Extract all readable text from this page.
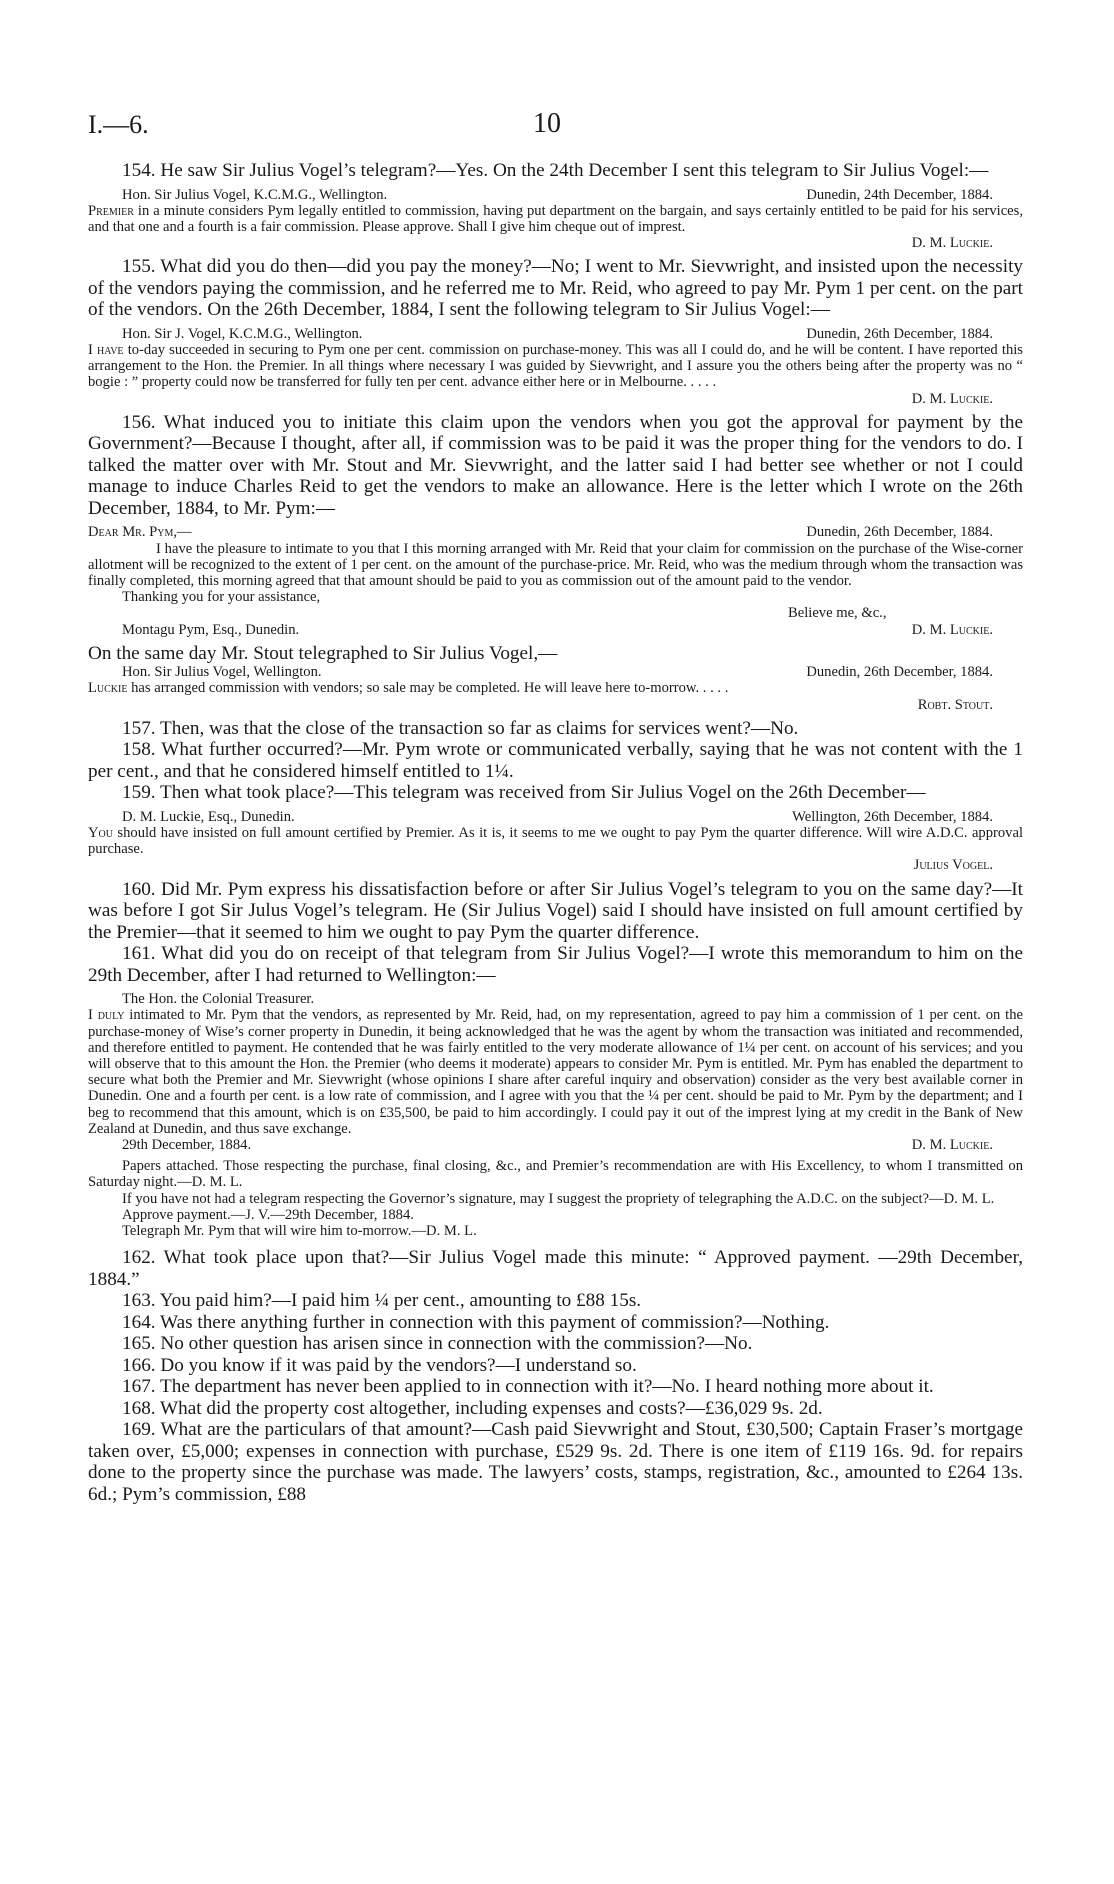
I.—6.	10

154. He saw Sir Julius Vogel’s telegram?—Yes. On the 24th December I sent this telegram to Sir Julius Vogel:—

Hon. Sir Julius Vogel, K.C.M.G., Wellington.	Dunedin, 24th December, 1884.

Premier in a minute considers Pym legally entitled to commission, having put department on the bargain, and says certainly entitled to be paid for his services, and that one and a fourth is a fair commission. Please approve. Shall I give him cheque out of imprest.

D. M. Luckie.

155. What did you do then—did you pay the money?—No; I went to Mr. Sievwright, and insisted upon the necessity of the vendors paying the commission, and he referred me to Mr. Reid, who agreed to pay Mr. Pym 1 per cent. on the part of the vendors. On the 26th December, 1884, I sent the following telegram to Sir Julius Vogel:—

Hon. Sir J. Vogel, K.C.M.G., Wellington.	Dunedin, 26th December, 1884.

I have to-day succeeded in securing to Pym one per cent. commission on purchase-money. This was all I could do, and he will be content. I have reported this arrangement to the Hon. the Premier. In all things where necessary I was guided by Sievwright, and I assure you the others being after the property was no “ bogie : ” property could now be transferred for fully ten per cent. advance either here or in Melbourne. . . . .

D. M. Luckie.

156. What induced you to initiate this claim upon the vendors when you got the approval for payment by the Government?—Because I thought, after all, if commission was to be paid it was the proper thing for the vendors to do. I talked the matter over with Mr. Stout and Mr. Sievwright, and the latter said I had better see whether or not I could manage to induce Charles Reid to get the vendors to make an allowance. Here is the letter which I wrote on the 26th December, 1884, to Mr. Pym:—

Dear Mr. Pym,—	Dunedin, 26th December, 1884.

I have the pleasure to intimate to you that I this morning arranged with Mr. Reid that your claim for commission on the purchase of the Wise-corner allotment will be recognized to the extent of 1 per cent. on the amount of the purchase-price. Mr. Reid, who was the medium through whom the transaction was finally completed, this morning agreed that that amount should be paid to you as commission out of the amount paid to the vendor.

Thanking you for your assistance,

Believe me, &c.,

Montagu Pym, Esq., Dunedin.	D. M. Luckie.

On the same day Mr. Stout telegraphed to Sir Julius Vogel,—

Hon. Sir Julius Vogel, Wellington.	Dunedin, 26th December, 1884.

Luckie has arranged commission with vendors; so sale may be completed. He will leave here to-morrow. . . . .

Robt. Stout.

157. Then, was that the close of the transaction so far as claims for services went?—No.

158. What further occurred?—Mr. Pym wrote or communicated verbally, saying that he was not content with the 1 per cent., and that he considered himself entitled to 1¼.

159. Then what took place?—This telegram was received from Sir Julius Vogel on the 26th December—

D. M. Luckie, Esq., Dunedin.	Wellington, 26th December, 1884.

You should have insisted on full amount certified by Premier. As it is, it seems to me we ought to pay Pym the quarter difference. Will wire A.D.C. approval purchase.

Julius Vogel.

160. Did Mr. Pym express his dissatisfaction before or after Sir Julius Vogel’s telegram to you on the same day?—It was before I got Sir Julus Vogel’s telegram. He (Sir Julius Vogel) said I should have insisted on full amount certified by the Premier—that it seemed to him we ought to pay Pym the quarter difference.

161. What did you do on receipt of that telegram from Sir Julius Vogel?—I wrote this memorandum to him on the 29th December, after I had returned to Wellington:—

The Hon. the Colonial Treasurer.

I duly intimated to Mr. Pym that the vendors, as represented by Mr. Reid, had, on my representation, agreed to pay him a commission of 1 per cent. on the purchase-money of Wise’s corner property in Dunedin, it being acknowledged that he was the agent by whom the transaction was initiated and recommended, and therefore entitled to payment. He contended that he was fairly entitled to the very moderate allowance of 1¼ per cent. on account of his services; and you will observe that to this amount the Hon. the Premier (who deems it moderate) appears to consider Mr. Pym is entitled. Mr. Pym has enabled the department to secure what both the Premier and Mr. Sievwright (whose opinions I share after careful inquiry and observation) consider as the very best available corner in Dunedin. One and a fourth per cent. is a low rate of commission, and I agree with you that the ¼ per cent. should be paid to Mr. Pym by the department; and I beg to recommend that this amount, which is on £35,500, be paid to him accordingly. I could pay it out of the imprest lying at my credit in the Bank of New Zealand at Dunedin, and thus save exchange.

29th December, 1884.	D. M. Luckie.

Papers attached. Those respecting the purchase, final closing, &c., and Premier’s recommendation are with His Excellency, to whom I transmitted on Saturday night.—D. M. L.

If you have not had a telegram respecting the Governor’s signature, may I suggest the propriety of telegraphing the A.D.C. on the subject?—D. M. L.

Approve payment.—J. V.—29th December, 1884.

Telegraph Mr. Pym that will wire him to-morrow.—D. M. L.

162. What took place upon that?—Sir Julius Vogel made this minute: “ Approved payment. —29th December, 1884.”

163. You paid him?—I paid him ¼ per cent., amounting to £88 15s.

164. Was there anything further in connection with this payment of commission?—Nothing.

165. No other question has arisen since in connection with the commission?—No.

166. Do you know if it was paid by the vendors?—I understand so.

167. The department has never been applied to in connection with it?—No. I heard nothing more about it.

168. What did the property cost altogether, including expenses and costs?—£36,029 9s. 2d.

169. What are the particulars of that amount?—Cash paid Sievwright and Stout, £30,500; Captain Fraser’s mortgage taken over, £5,000; expenses in connection with purchase, £529 9s. 2d. There is one item of £119 16s. 9d. for repairs done to the property since the purchase was made. The lawyers’ costs, stamps, registration, &c., amounted to £264 13s. 6d.; Pym’s commission, £88
